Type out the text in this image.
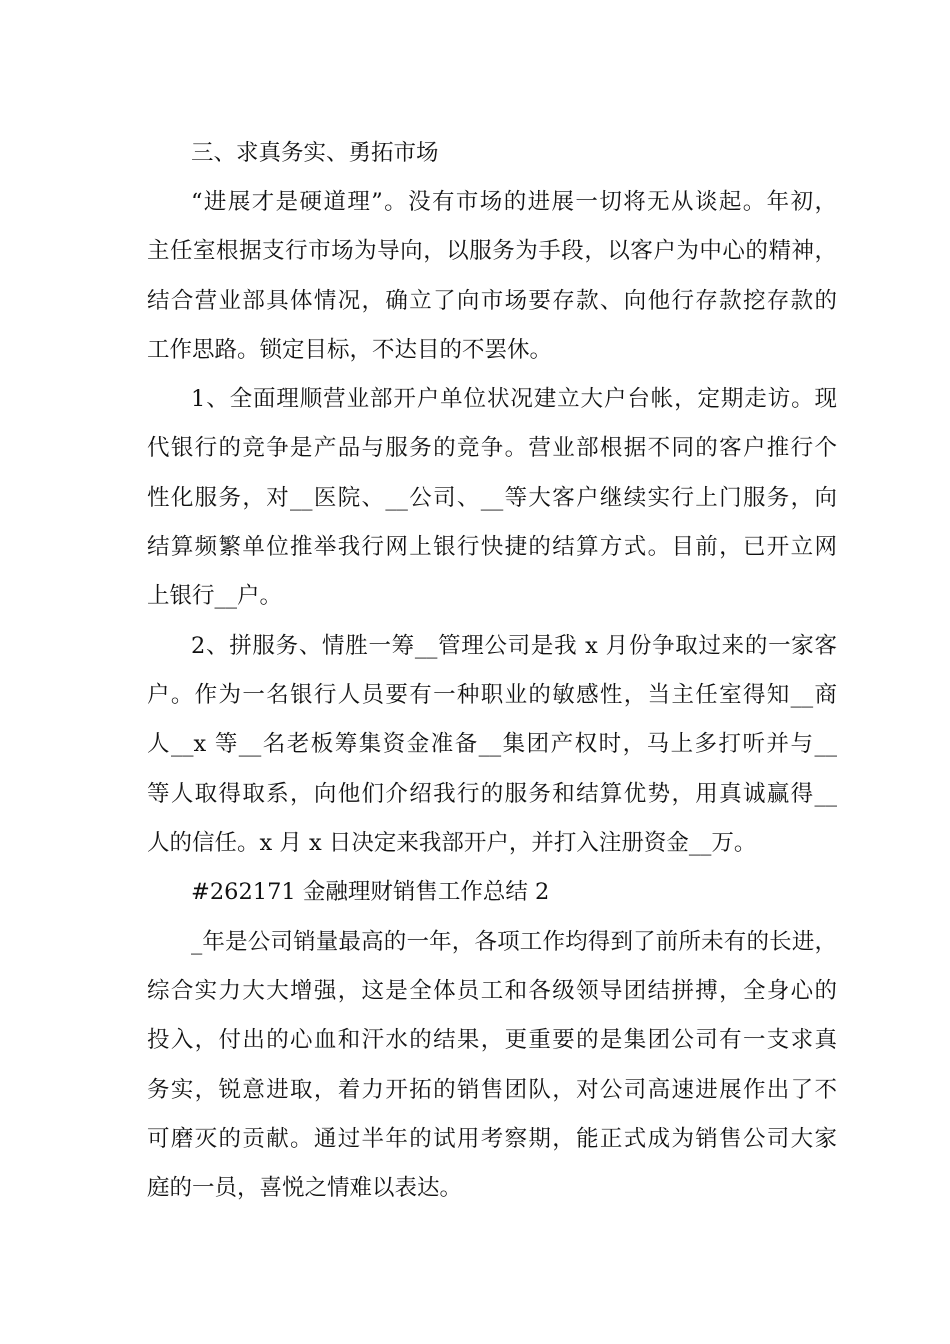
三、求真务实、勇拓市场

“进展才是硬道理”。没有市场的进展一切将无从谈起。年初，

主任室根据支行市场为导向，以服务为手段，以客户为中心的精神，

结合营业部具体情况，确立了向市场要存款、向他行存款挖存款的

工作思路。锁定目标，不达目的不罢休。

1、全面理顺营业部开户单位状况建立大户台帐，定期走访。现

代银行的竞争是产品与服务的竞争。营业部根据不同的客户推行个

性化服务，对__医院、__公司、__等大客户继续实行上门服务，向

结算频繁单位推举我行网上银行快捷的结算方式。目前，已开立网

上银行__户。

2、拼服务、情胜一筹__管理公司是我 x 月份争取过来的一家客

户。作为一名银行人员要有一种职业的敏感性，当主任室得知__商

人__x 等__名老板筹集资金准备__集团产权时，马上多打听并与__

等人取得取系，向他们介绍我行的服务和结算优势，用真诚赢得__

人的信任。x 月 x 日决定来我部开户，并打入注册资金__万。

#262171 金融理财销售工作总结 2

_年是公司销量最高的一年，各项工作均得到了前所未有的长进，

综合实力大大增强，这是全体员工和各级领导团结拼搏，全身心的

投入，付出的心血和汗水的结果，更重要的是集团公司有一支求真

务实，锐意进取，着力开拓的销售团队，对公司高速进展作出了不

可磨灭的贡献。通过半年的试用考察期，能正式成为销售公司大家

庭的一员，喜悦之情难以表达。
